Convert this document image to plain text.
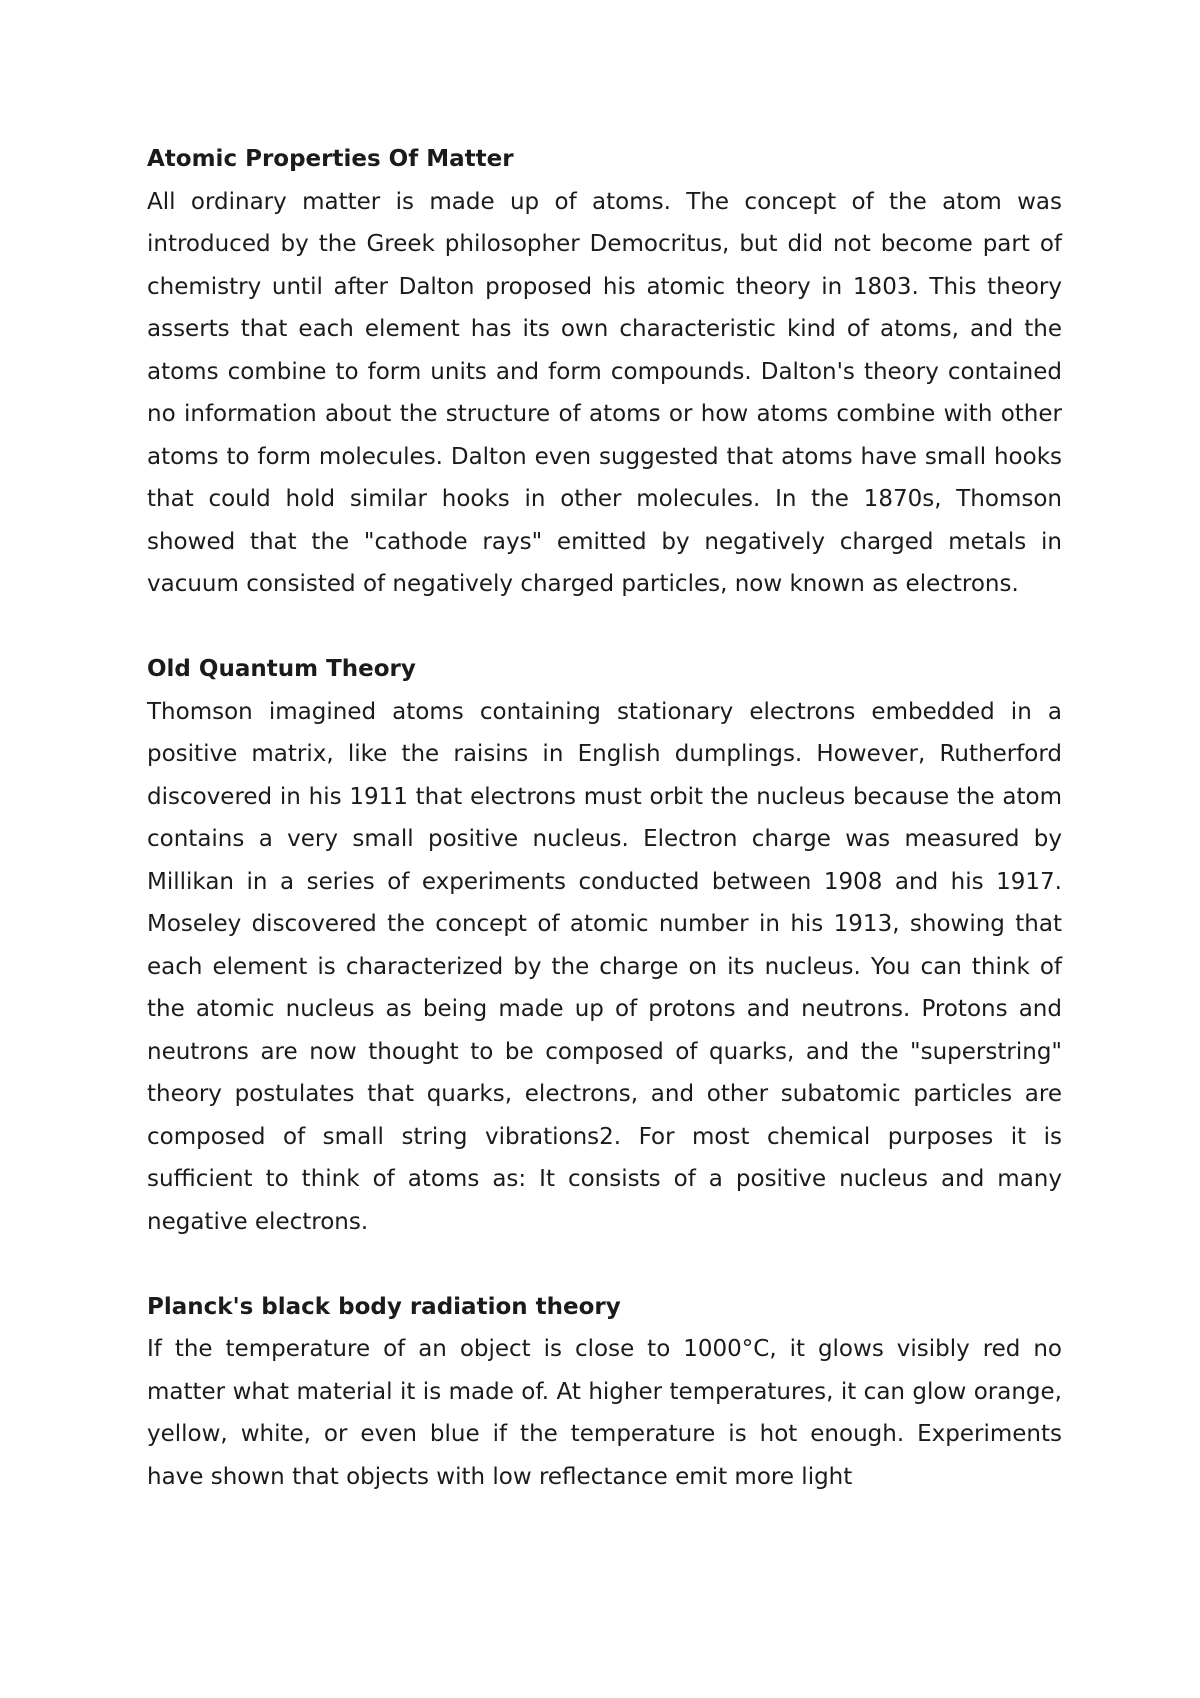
Atomic Properties Of Matter

All ordinary matter is made up of atoms. The concept of the atom was introduced by the Greek philosopher Democritus, but did not become part of chemistry until after Dalton proposed his atomic theory in 1803. This theory asserts that each element has its own characteristic kind of atoms, and the atoms combine to form units and form compounds. Dalton's theory contained no information about the structure of atoms or how atoms combine with other atoms to form molecules. Dalton even suggested that atoms have small hooks that could hold similar hooks in other molecules. In the 1870s, Thomson showed that the "cathode rays" emitted by negatively charged metals in vacuum consisted of negatively charged particles, now known as electrons.

Old Quantum Theory

Thomson imagined atoms containing stationary electrons embedded in a positive matrix, like the raisins in English dumplings. However, Rutherford discovered in his 1911 that electrons must orbit the nucleus because the atom contains a very small positive nucleus. Electron charge was measured by Millikan in a series of experiments conducted between 1908 and his 1917. Moseley discovered the concept of atomic number in his 1913, showing that each element is characterized by the charge on its nucleus. You can think of the atomic nucleus as being made up of protons and neutrons. Protons and neutrons are now thought to be composed of quarks, and the "superstring" theory postulates that quarks, electrons, and other subatomic particles are composed of small string vibrations2. For most chemical purposes it is sufficient to think of atoms as: It consists of a positive nucleus and many negative electrons.

Planck's black body radiation theory

If the temperature of an object is close to 1000°C, it glows visibly red no matter what material it is made of. At higher temperatures, it can glow orange, yellow, white, or even blue if the temperature is hot enough. Experiments have shown that objects with low reflectance emit more light
